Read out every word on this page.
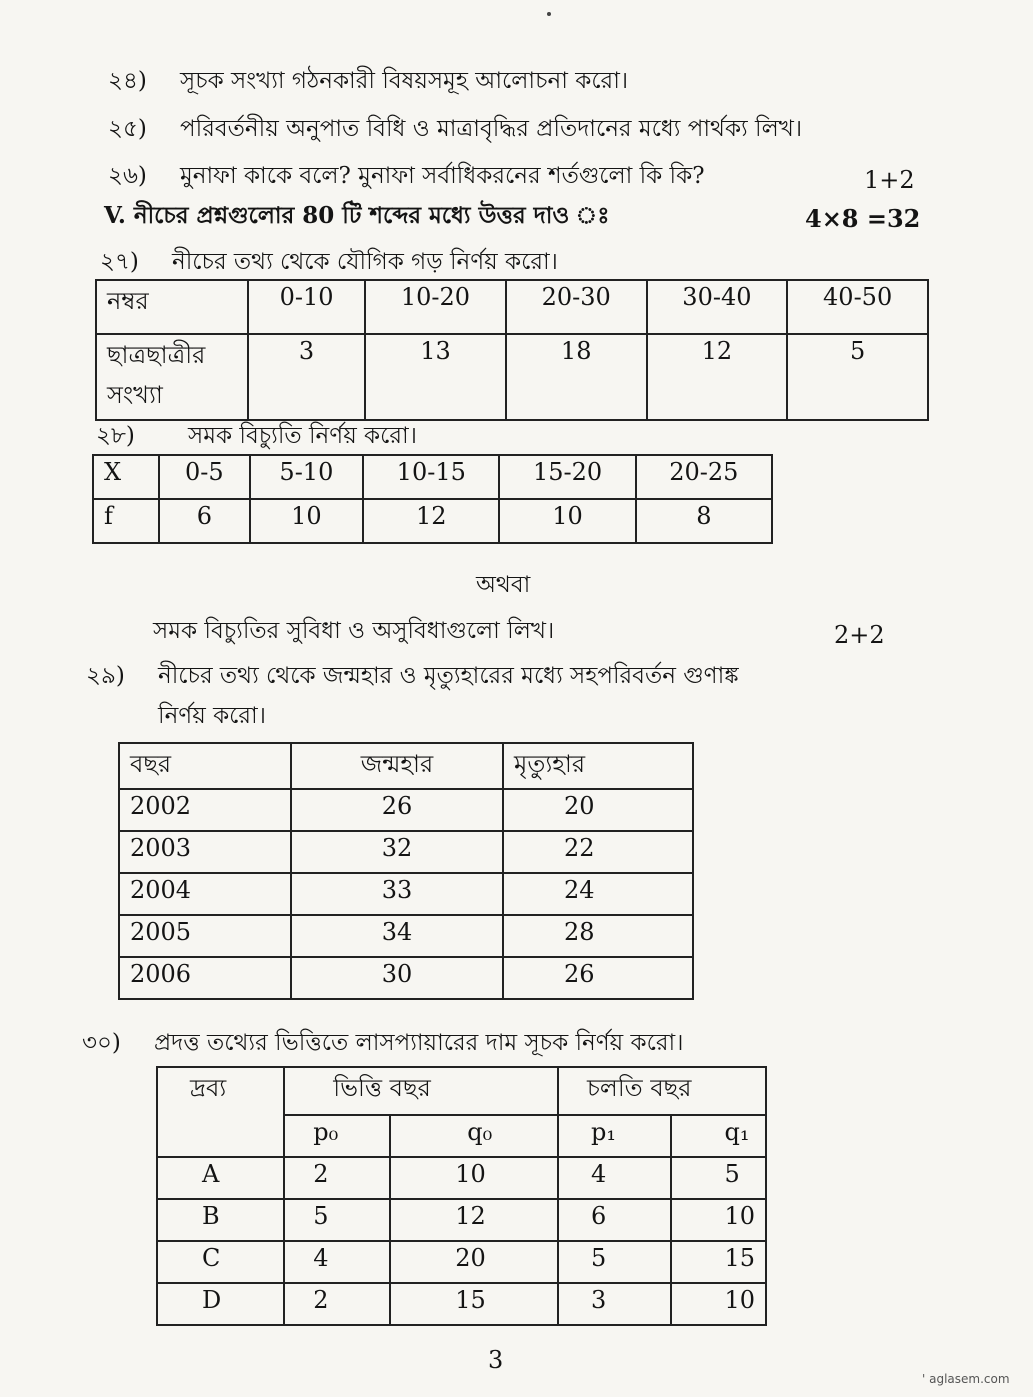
২৪) সূচক সংখ্যা গঠনকারী বিষয়সমূহ আলোচনা করো।
২৫) পরিবর্তনীয় অনুপাত বিধি ও মাত্রাবৃদ্ধির প্রতিদানের মধ্যে পার্থক্য লিখ।
২৬) মুনাফা কাকে বলে? মুনাফা সর্বাধিকরনের শর্তগুলো কি কি?	1+2
V. নীচের প্রশ্নগুলোর 80 টি শব্দের মধ্যে উত্তর দাও ঃ	4×8 =32
২৭) নীচের তথ্য থেকে যৌগিক গড় নির্ণয় করো।
নম্বর	0-10	10-20	20-30	30-40	40-50

ছাত্রছাত্রীর
সংখ্যা	3	13	18	12	5
২৮) সমক বিচ্যুতি নির্ণয় করো।
X	0-5	5-10	10-15	15-20	20-25
f	6	10	12	10	8
অথবা
সমক বিচ্যুতির সুবিধা ও অসুবিধাগুলো লিখ।	2+2
২৯) নীচের তথ্য থেকে জন্মহার ও মৃত্যুহারের মধ্যে সহপরিবর্তন গুণাঙ্ক
নির্ণয় করো।
বছর	জন্মহার	মৃত্যুহার
2002	26	20
2003	32	22
2004	33	24
2005	34	28
2006	30	26
৩০) প্রদত্ত তথ্যের ভিত্তিতে লাসপ্যায়ারের দাম সূচক নির্ণয় করো।
দ্রব্য	ভিত্তি বছর		চলতি বছর	
	p₀	q₀	p₁	q₁
A	2	10	4	5
B	5	12	6	10
C	4	20	5	15
D	2	15	3	10
3
' aglasem.com
